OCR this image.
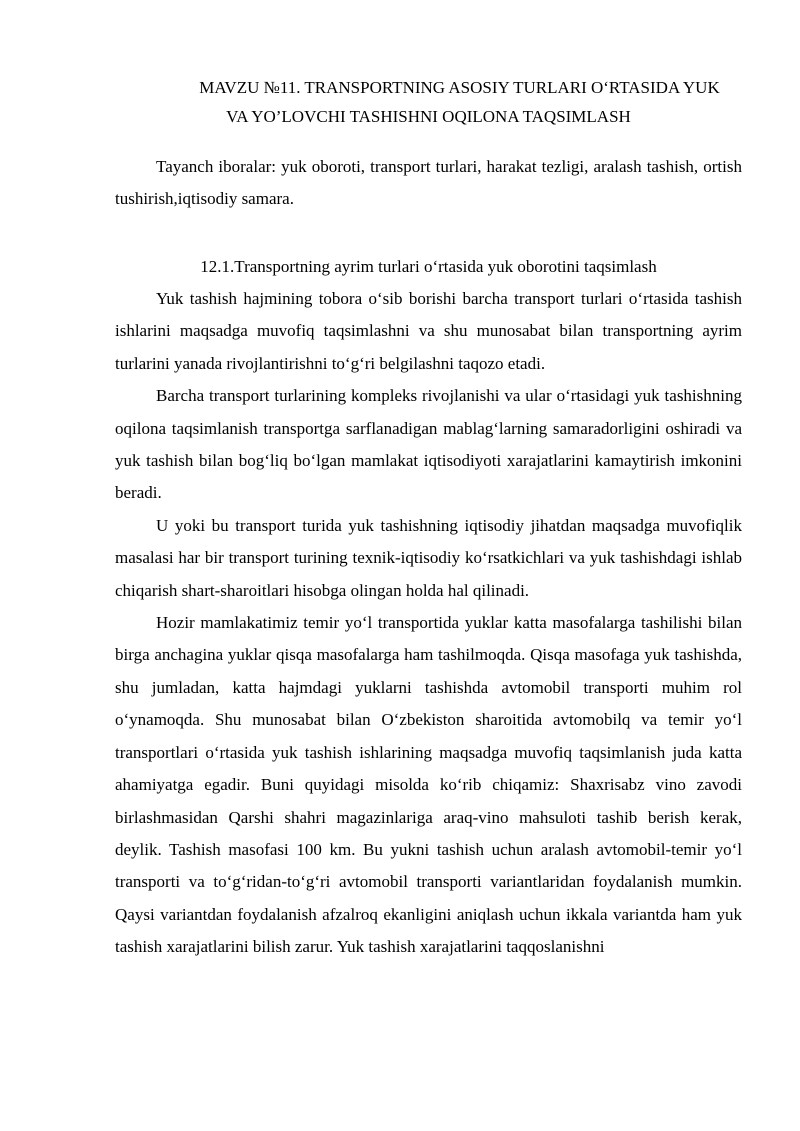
MAVZU №11. TRANSPORTNING ASOSIY TURLARI O‘RTASIDA YUK
VA YO’LOVCHI TASHISHNI OQILONA TAQSIMLASH

Tayanch iboralar: yuk oboroti, transport turlari, harakat tezligi, aralash tashish, ortish tushirish,iqtisodiy samara.

12.1.Transportning ayrim turlari o‘rtasida yuk oborotini taqsimlash

Yuk tashish hajmining tobora o‘sib borishi barcha transport turlari o‘rtasida tashish ishlarini maqsadga muvofiq taqsimlashni va shu munosabat bilan transportning ayrim turlarini yanada rivojlantirishni to‘g‘ri belgilashni taqozo etadi.

Barcha transport turlarining kompleks rivojlanishi va ular o‘rtasidagi yuk tashishning oqilona taqsimlanish transportga sarflanadigan mablag‘larning samaradorligini oshiradi va yuk tashish bilan bog‘liq bo‘lgan mamlakat iqtisodiyoti xarajatlarini kamaytirish imkonini beradi.

U yoki bu transport turida yuk tashishning iqtisodiy jihatdan maqsadga muvofiqlik masalasi har bir transport turining texnik-iqtisodiy ko‘rsatkichlari va yuk tashishdagi ishlab chiqarish shart-sharoitlari hisobga olingan holda hal qilinadi.

Hozir mamlakatimiz temir yo‘l transportida yuklar katta masofalarga tashilishi bilan birga anchagina yuklar qisqa masofalarga ham tashilmoqda. Qisqa masofaga yuk tashishda, shu jumladan, katta hajmdagi yuklarni tashishda avtomobil transporti muhim rol o‘ynamoqda. Shu munosabat bilan O‘zbekiston sharoitida avtomobilq va temir yo‘l transportlari o‘rtasida yuk tashish ishlarining maqsadga muvofiq taqsimlanish juda katta ahamiyatga egadir. Buni quyidagi misolda ko‘rib chiqamiz: Shaxrisabz vino zavodi birlashmasidan Qarshi shahri magazinlariga araq-vino mahsuloti tashib berish kerak, deylik. Tashish masofasi 100 km. Bu yukni tashish uchun aralash avtomobil-temir yo‘l transporti va to‘g‘ridan-to‘g‘ri avtomobil transporti variantlaridan foydalanish mumkin. Qaysi variantdan foydalanish afzalroq ekanligini aniqlash uchun ikkala variantda ham yuk tashish xarajatlarini bilish zarur. Yuk tashish xarajatlarini taqqoslanishni
